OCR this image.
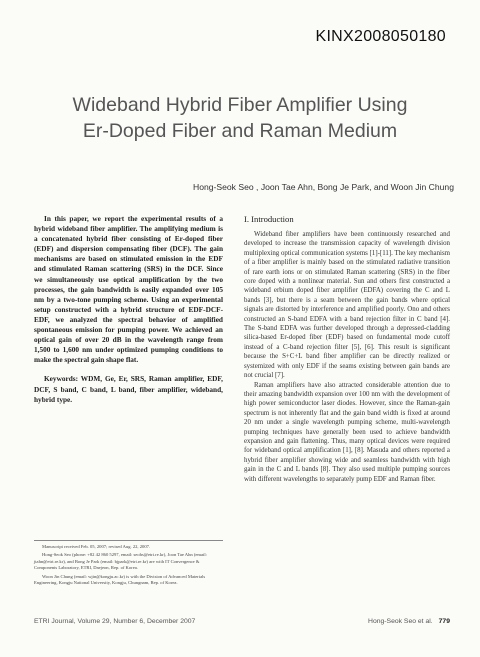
KINX2008050180
Wideband Hybrid Fiber Amplifier Using
Er-Doped Fiber and Raman Medium
Hong-Seok Seo , Joon Tae Ahn, Bong Je Park, and Woon Jin Chung

In this paper, we report the experimental results of a hybrid wideband fiber amplifier. The amplifying medium is a concatenated hybrid fiber consisting of Er-doped fiber (EDF) and dispersion compensating fiber (DCF). The gain mechanisms are based on stimulated emission in the EDF and stimulated Raman scattering (SRS) in the DCF. Since we simultaneously use optical amplification by the two processes, the gain bandwidth is easily expanded over 105 nm by a two-tone pumping scheme. Using an experimental setup constructed with a hybrid structure of EDF-DCF-EDF, we analyzed the spectral behavior of amplified spontaneous emission for pumping power. We achieved an optical gain of over 20 dB in the wavelength range from 1,500 to 1,600 nm under optimized pumping conditions to make the spectral gain shape flat.

Keywords: WDM, Ge, Er, SRS, Raman amplifier, EDF, DCF, S band, C band, L band, fiber amplifier, wideband, hybrid type.

Manuscript received Feb. 05, 2007; revised Aug. 22, 2007.

Hong-Seok Seo (phone: +82 42 860 5297, email: seohs@etri.re.kr), Joon Tae Ahn (email: jtahn@etri.re.kr), and Bong Je Park (email: bjpark@etri.re.kr) are with IT Convergence & Components Laboratory, ETRI, Daejeon, Rep. of Korea.

Woon Jin Chung (email: wjin@kongju.ac.kr) is with the Division of Advanced Materials Engineering, Kongju National University, Kongju, Chungnam, Rep. of Korea.

I. Introduction

Wideband fiber amplifiers have been continuously researched and developed to increase the transmission capacity of wavelength division multiplexing optical communication systems [1]-[11]. The key mechanism of a fiber amplifier is mainly based on the stimulated radiative transition of rare earth ions or on stimulated Raman scattering (SRS) in the fiber core doped with a nonlinear material. Sun and others first constructed a wideband erbium doped fiber amplifier (EDFA) covering the C and L bands [3], but there is a seam between the gain bands where optical signals are distorted by interference and amplified poorly. Ono and others constructed an S-band EDFA with a band rejection filter in C band [4]. The S-band EDFA was further developed through a depressed-cladding silica-based Er-doped fiber (EDF) based on fundamental mode cutoff instead of a C-band rejection filter [5], [6]. This result is significant because the S+C+L band fiber amplifier can be directly realized or systemized with only EDF if the seams existing between gain bands are not crucial [7].

Raman amplifiers have also attracted considerable attention due to their amazing bandwidth expansion over 100 nm with the development of high power semiconductor laser diodes. However, since the Raman-gain spectrum is not inherently flat and the gain band width is fixed at around 20 nm under a single wavelength pumping scheme, multi-wavelength pumping techniques have generally been used to achieve bandwidth expansion and gain flattening. Thus, many optical devices were required for wideband optical amplification [1], [8]. Masuda and others reported a hybrid fiber amplifier showing wide and seamless bandwidth with high gain in the C and L bands [8]. They also used multiple pumping sources with different wavelengths to separately pump EDF and Raman fiber.

ETRI Journal, Volume 29, Number 6, December 2007	Hong-Seok Seo et al. 779
